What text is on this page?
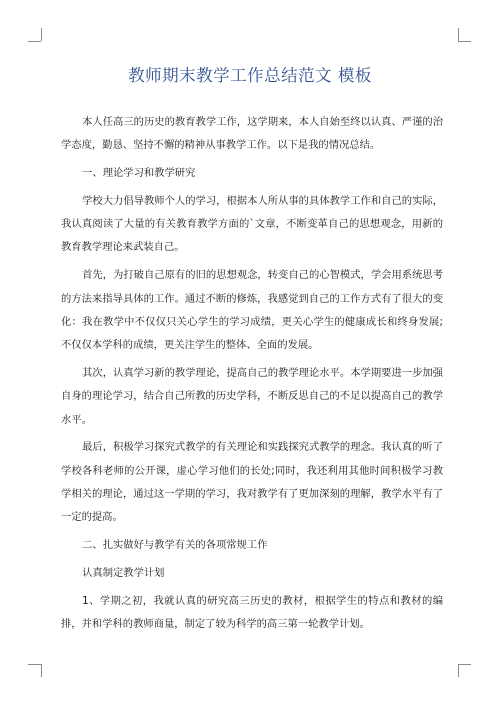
教师期末教学工作总结范文 模板

本人任高三的历史的教育教学工作，这学期来，本人自始至终以认真、严谨的治学态度，勤恳、坚持不懈的精神从事教学工作。以下是我的情况总结。

一、理论学习和教学研究

学校大力倡导教师个人的学习，根据本人所从事的具体教学工作和自己的实际，我认真阅读了大量的有关教育教学方面的`文章，不断变革自己的思想观念，用新的教育教学理论来武装自己。

首先，为打破自己原有的旧的思想观念，转变自己的心智模式，学会用系统思考的方法来指导具体的工作。通过不断的修炼，我感觉到自己的工作方式有了很大的变化：我在教学中不仅仅只关心学生的学习成绩，更关心学生的健康成长和终身发展;不仅仅本学科的成绩，更关注学生的整体、全面的发展。

其次，认真学习新的教学理论，提高自己的教学理论水平。本学期要进一步加强自身的理论学习，结合自己所教的历史学科，不断反思自己的不足以提高自己的教学水平。

最后，积极学习探究式教学的有关理论和实践探究式教学的理念。我认真的听了学校各科老师的公开课，虚心学习他们的长处;同时，我还利用其他时间积极学习教学相关的理论，通过这一学期的学习，我对教学有了更加深刻的理解，教学水平有了一定的提高。

二、扎实做好与教学有关的各项常规工作

认真制定教学计划

1、学期之初，我就认真的研究高三历史的教材，根据学生的特点和教材的编排，并和学科的教师商量，制定了较为科学的高三第一轮教学计划。
